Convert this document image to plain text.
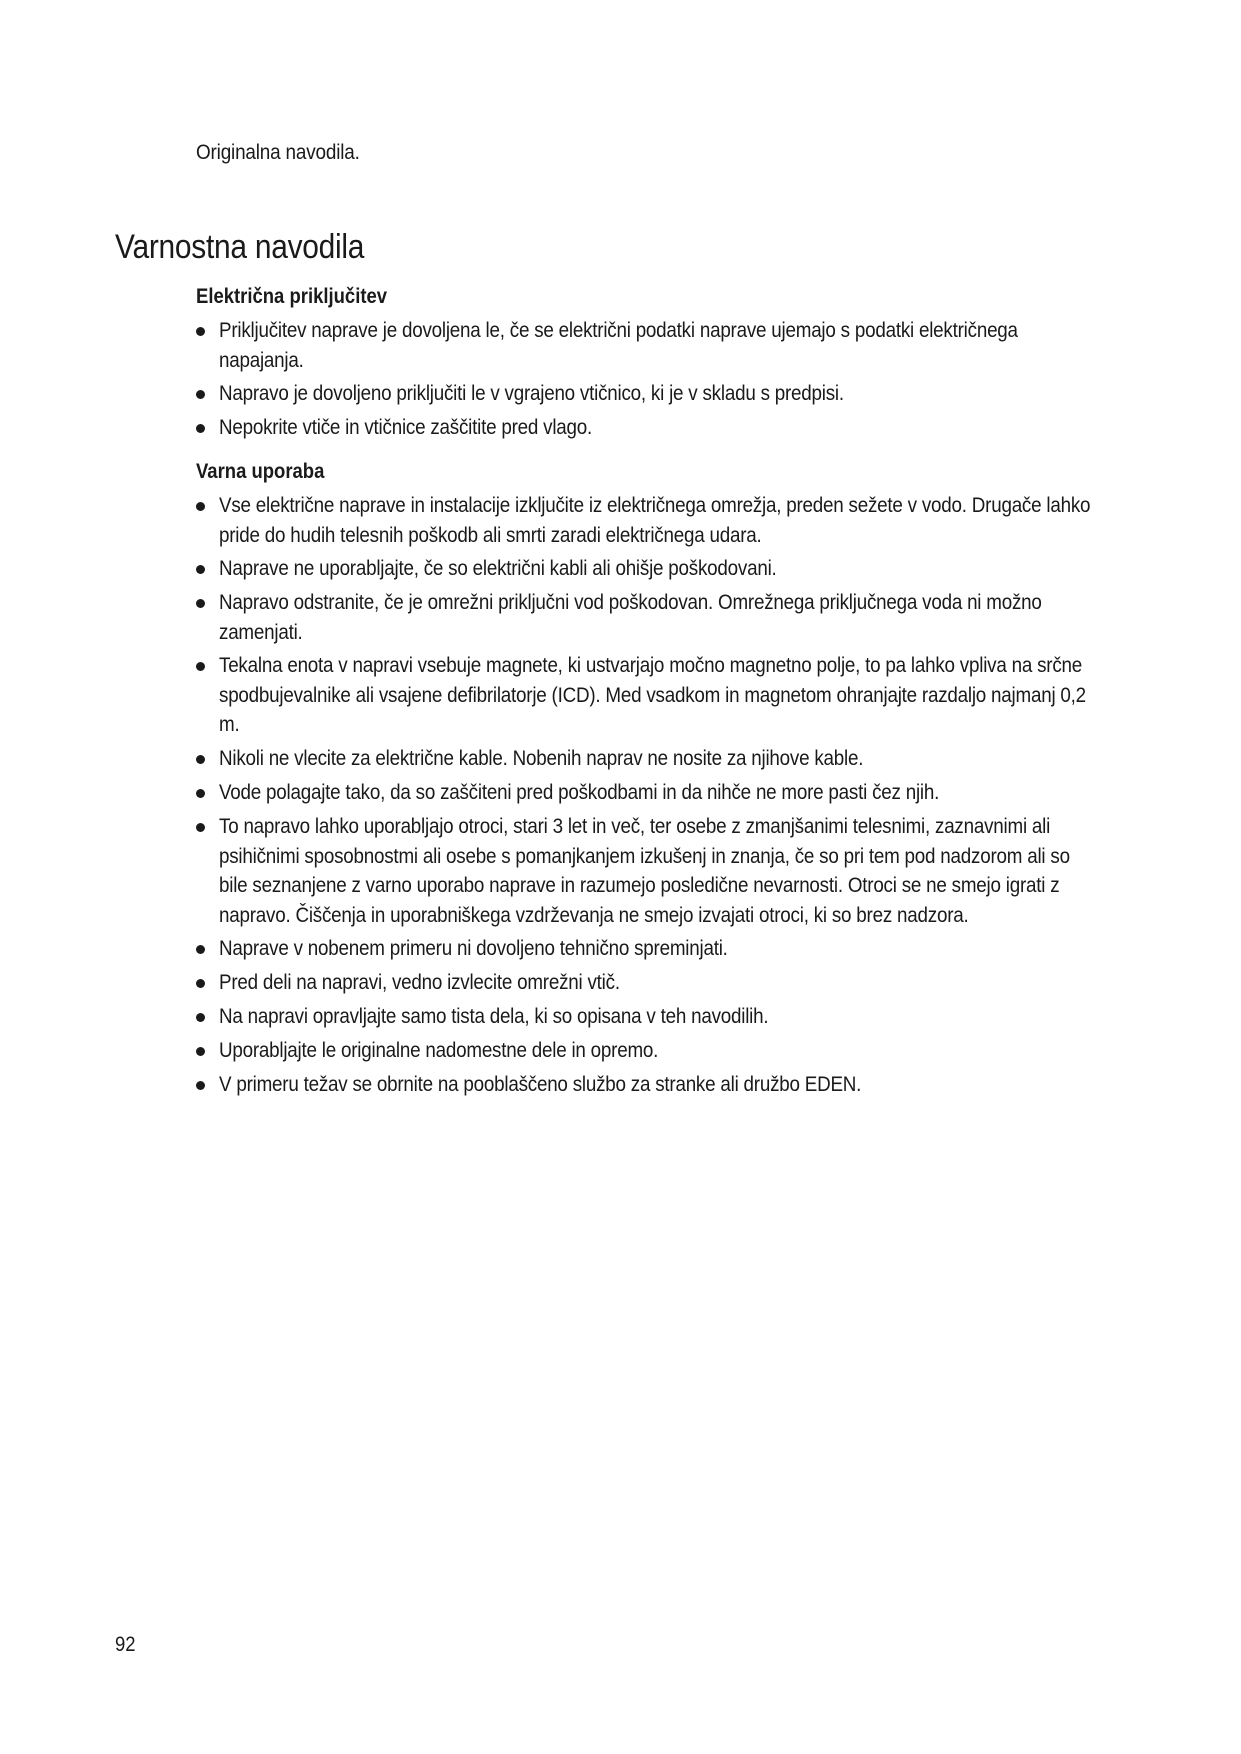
Originalna navodila.
Varnostna navodila
Električna priključitev
Priključitev naprave je dovoljena le, če se električni podatki naprave ujemajo s podatki električnega napajanja.
Napravo je dovoljeno priključiti le v vgrajeno vtičnico, ki je v skladu s predpisi.
Nepokrite vtiče in vtičnice zaščitite pred vlago.
Varna uporaba
Vse električne naprave in instalacije izključite iz električnega omrežja, preden sežete v vodo. Drugače lahko pride do hudih telesnih poškodb ali smrti zaradi električnega udara.
Naprave ne uporabljajte, če so električni kabli ali ohišje poškodovani.
Napravo odstranite, če je omrežni priključni vod poškodovan. Omrežnega priključnega voda ni možno zamenjati.
Tekalna enota v napravi vsebuje magnete, ki ustvarjajo močno magnetno polje, to pa lahko vpliva na srčne spodbujevalnike ali vsajene defibrilatorje (ICD). Med vsadkom in magnetom ohranjajte razdaljo najmanj 0,2 m.
Nikoli ne vlecite za električne kable. Nobenih naprav ne nosite za njihove kable.
Vode polagajte tako, da so zaščiteni pred poškodbami in da nihče ne more pasti čez njih.
To napravo lahko uporabljajo otroci, stari 3 let in več, ter osebe z zmanjšanimi telesnimi, zaznavnimi ali psihičnimi sposobnostmi ali osebe s pomanjkanjem izkušenj in znanja, če so pri tem pod nadzorom ali so bile seznanjene z varno uporabo naprave in razumejo posledične nevarnosti. Otroci se ne smejo igrati z napravo. Čiščenja in uporabniškega vzdrževanja ne smejo izvajati otroci, ki so brez nadzora.
Naprave v nobenem primeru ni dovoljeno tehnično spreminjati.
Pred deli na napravi, vedno izvlecite omrežni vtič.
Na napravi opravljajte samo tista dela, ki so opisana v teh navodilih.
Uporabljajte le originalne nadomestne dele in opremo.
V primeru težav se obrnite na pooblaščeno službo za stranke ali družbo EDEN.
92
